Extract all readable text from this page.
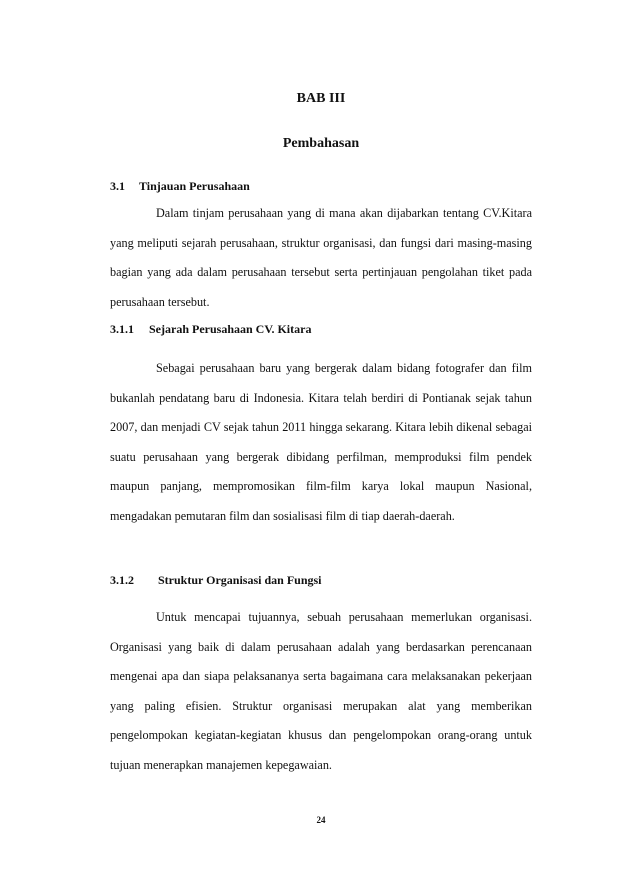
BAB III
Pembahasan
3.1 Tinjauan Perusahaan

Dalam tinjam perusahaan yang di mana akan dijabarkan tentang CV.Kitara yang meliputi sejarah perusahaan, struktur organisasi, dan fungsi dari masing-masing bagian yang ada dalam perusahaan tersebut serta pertinjauan pengolahan tiket pada perusahaan tersebut.

3.1.1 Sejarah Perusahaan CV. Kitara

Sebagai perusahaan baru yang bergerak dalam bidang fotografer dan film bukanlah pendatang baru di Indonesia. Kitara telah berdiri di Pontianak sejak tahun 2007, dan menjadi CV sejak tahun 2011 hingga sekarang. Kitara lebih dikenal sebagai suatu perusahaan yang bergerak dibidang perfilman, memproduksi film pendek maupun panjang, mempromosikan film-film karya lokal maupun Nasional, mengadakan pemutaran film dan sosialisasi film di tiap daerah-daerah.

3.1.2 Struktur Organisasi dan Fungsi

Untuk mencapai tujuannya, sebuah perusahaan memerlukan organisasi. Organisasi yang baik di dalam perusahaan adalah yang berdasarkan perencanaan mengenai apa dan siapa pelaksananya serta bagaimana cara melaksanakan pekerjaan yang paling efisien. Struktur organisasi merupakan alat yang memberikan pengelompokan kegiatan-kegiatan khusus dan pengelompokan orang-orang untuk tujuan menerapkan manajemen kepegawaian.

24
